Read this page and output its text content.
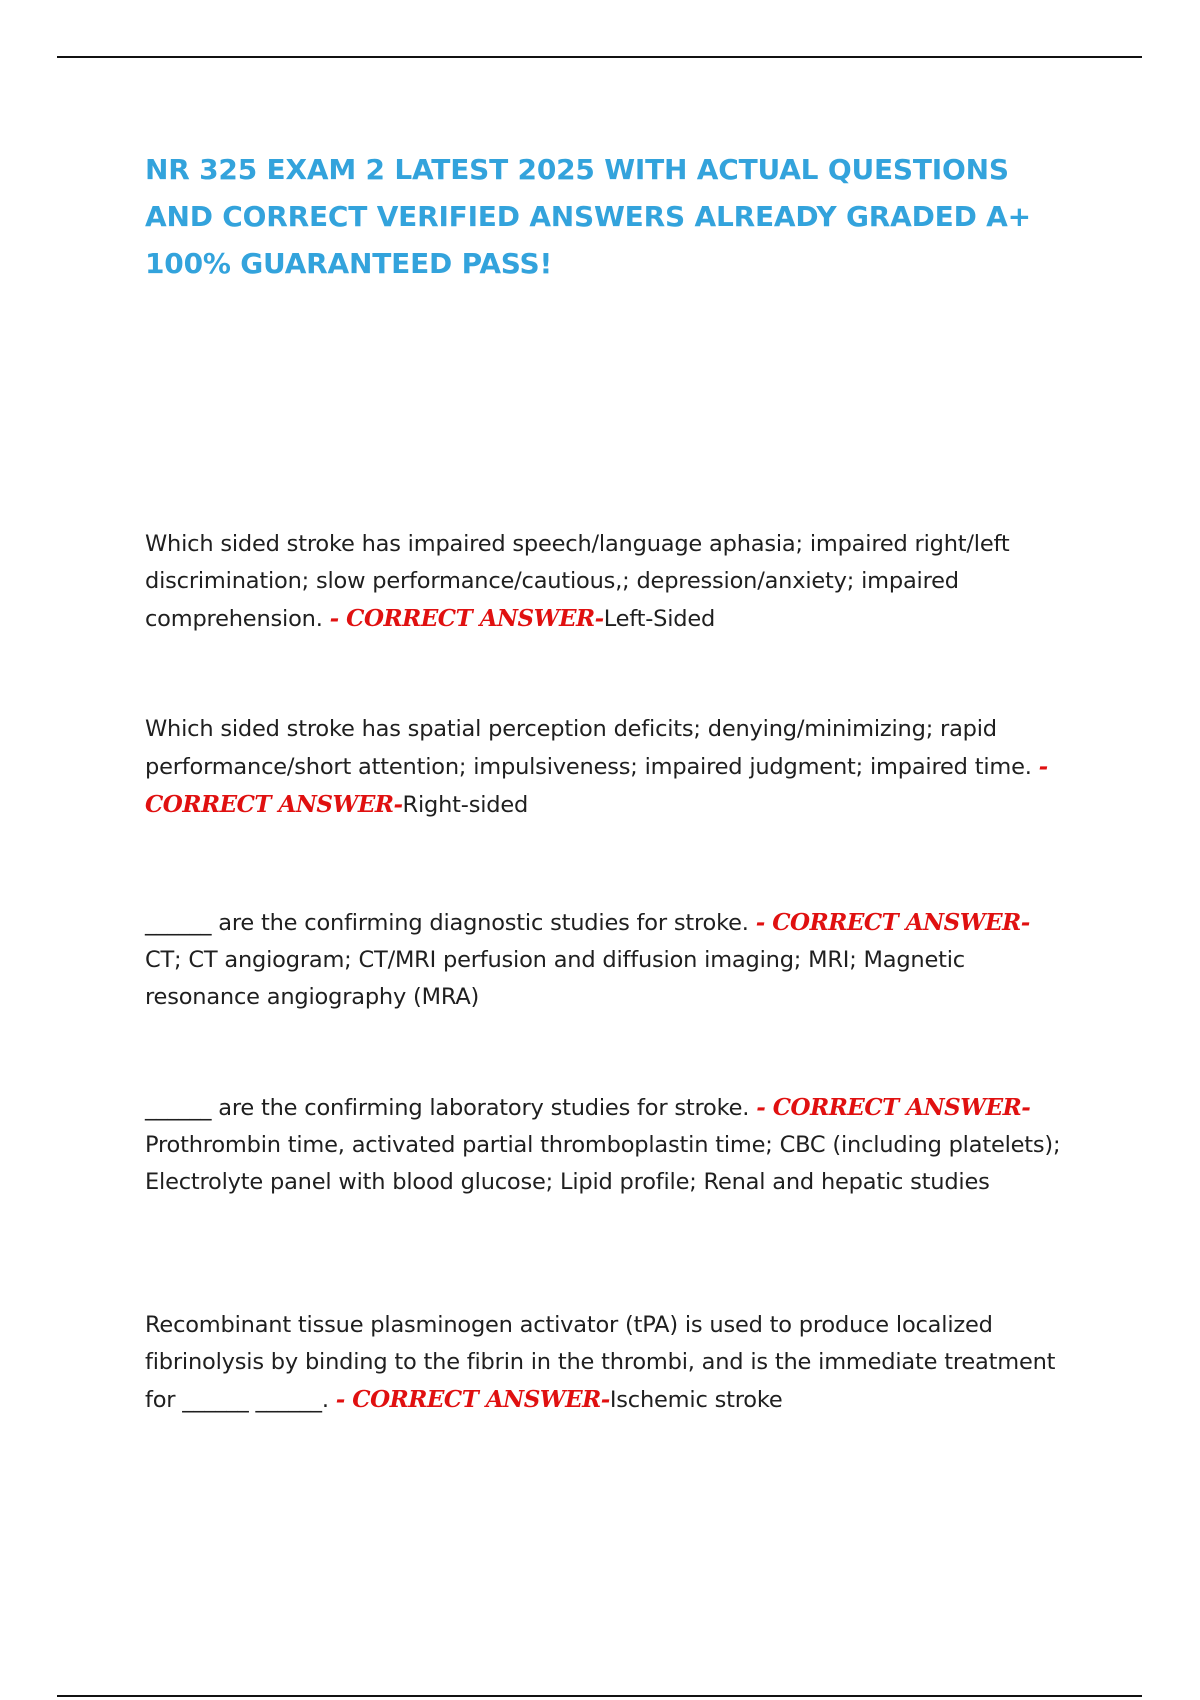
NR 325 EXAM 2 LATEST 2025 WITH ACTUAL QUESTIONS AND CORRECT VERIFIED ANSWERS ALREADY GRADED A+ 100% GUARANTEED PASS!

Which sided stroke has impaired speech/language aphasia; impaired right/left discrimination; slow performance/cautious,; depression/anxiety; impaired comprehension. - CORRECT ANSWER-Left-Sided

Which sided stroke has spatial perception deficits; denying/minimizing; rapid performance/short attention; impulsiveness; impaired judgment; impaired time. - CORRECT ANSWER-Right-sided

______ are the confirming diagnostic studies for stroke. - CORRECT ANSWER-CT; CT angiogram; CT/MRI perfusion and diffusion imaging; MRI; Magnetic resonance angiography (MRA)

______ are the confirming laboratory studies for stroke. - CORRECT ANSWER-Prothrombin time, activated partial thromboplastin time; CBC (including platelets); Electrolyte panel with blood glucose; Lipid profile; Renal and hepatic studies

Recombinant tissue plasminogen activator (tPA) is used to produce localized fibrinolysis by binding to the fibrin in the thrombi, and is the immediate treatment for ______ ______. - CORRECT ANSWER-Ischemic stroke
